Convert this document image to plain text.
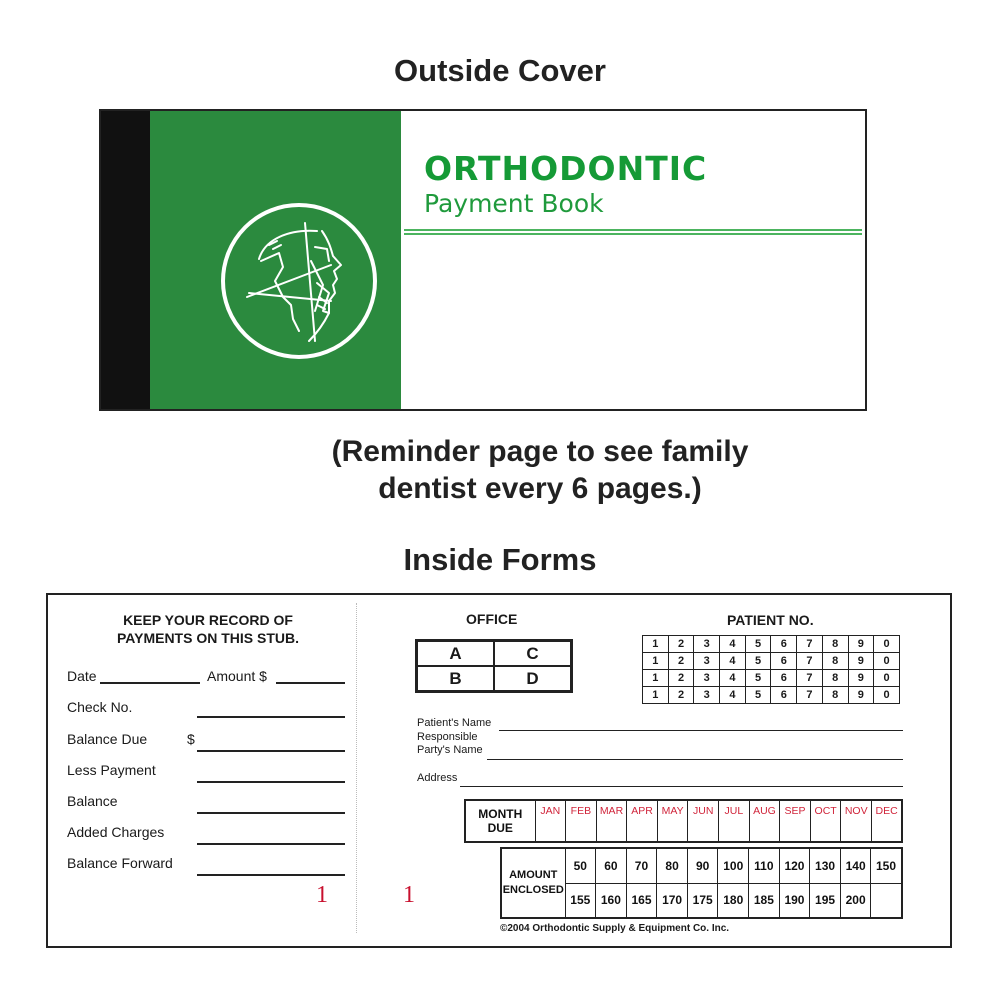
Outside Cover
ORTHODONTIC
Payment Book
(Reminder page to see family
dentist every 6 pages.)
Inside Forms
KEEP YOUR RECORD OF
PAYMENTS ON THIS STUB.
Date	Amount $
Check No.
Balance Due	$
Less Payment
Balance
Added Charges
Balance Forward
1	1
OFFICE
A	C
B	D
PATIENT NO.
1	2	3	4	5	6	7	8	9	0
1	2	3	4	5	6	7	8	9	0
1	2	3	4	5	6	7	8	9	0
1	2	3	4	5	6	7	8	9	0
Patient's Name
Responsible
Party's Name
Address
MONTH
DUE
	JAN	FEB	MAR	APR	MAY	JUN	JUL	AUG	SEP	OCT	NOV	DEC
AMOUNT
ENCLOSED	50	60	70	80	90	100	110	120	130	140	150
	155	160	165	170	175	180	185	190	195	200	
©2004 Orthodontic Supply & Equipment Co. Inc.
